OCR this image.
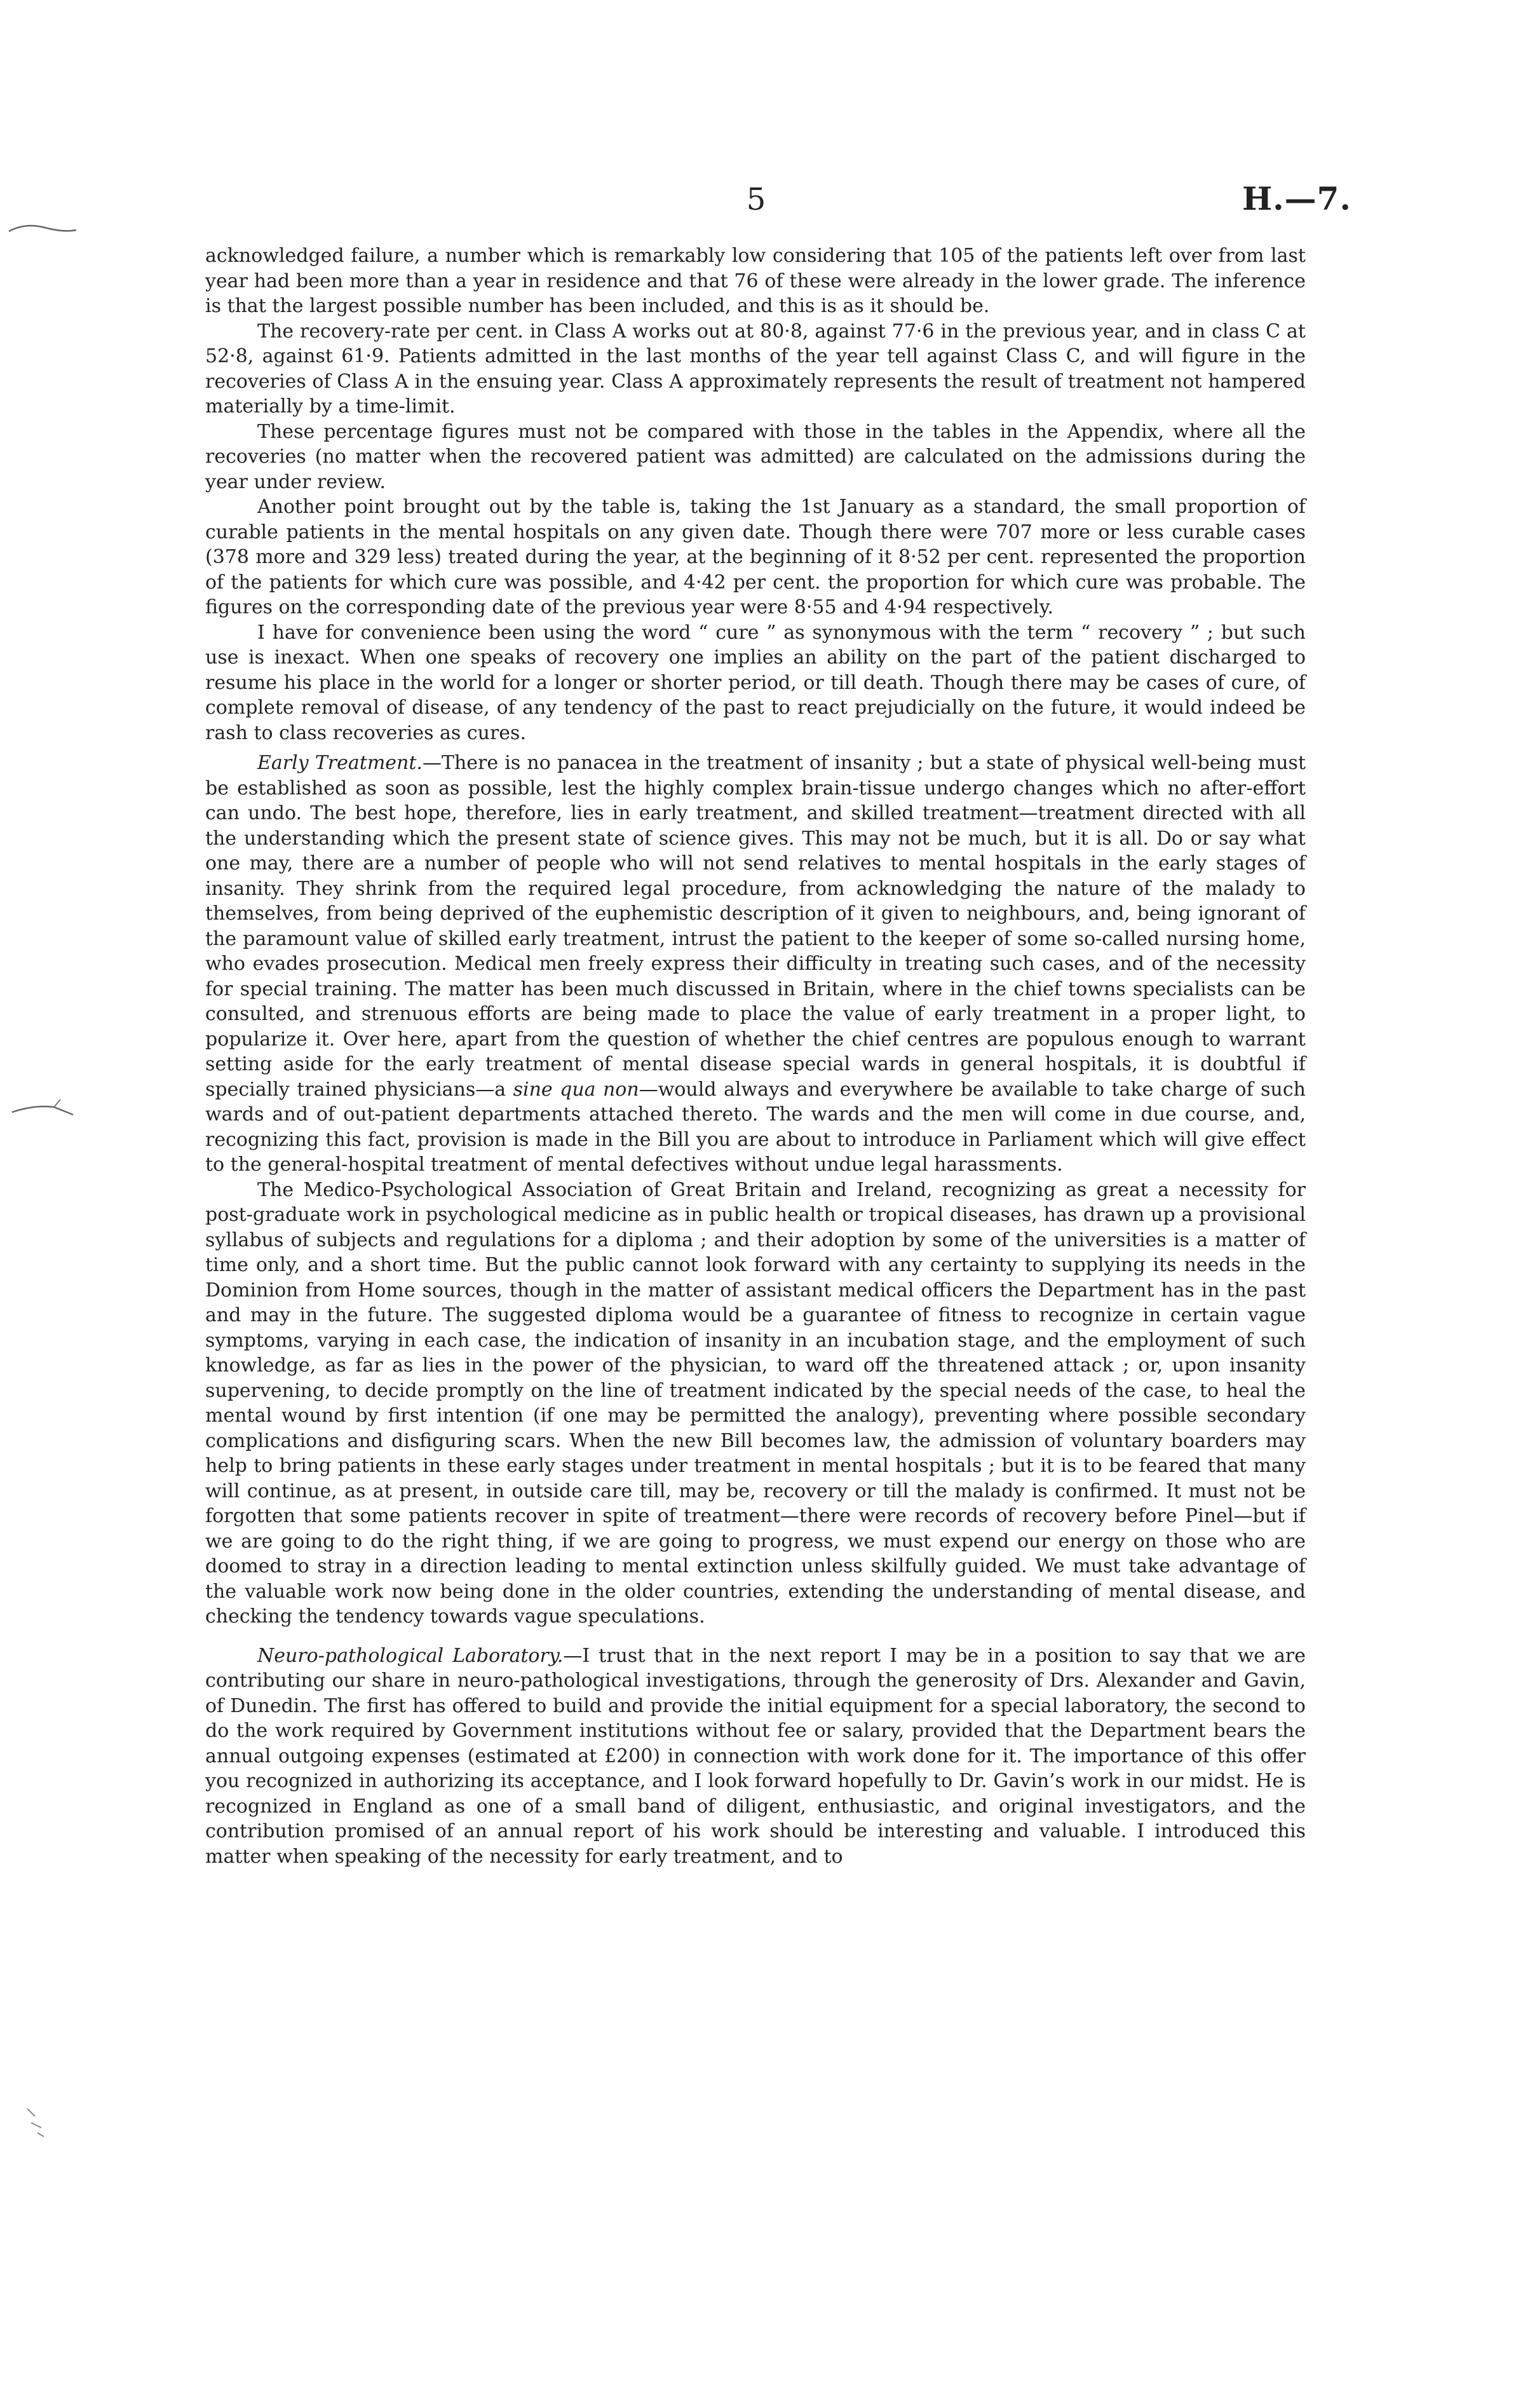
5	H.—7.

acknowledged failure, a number which is remarkably low considering that 105 of the patients left over from last year had been more than a year in residence and that 76 of these were already in the lower grade. The inference is that the largest possible number has been included, and this is as it should be.

The recovery-rate per cent. in Class A works out at 80·8, against 77·6 in the previous year, and in class C at 52·8, against 61·9. Patients admitted in the last months of the year tell against Class C, and will figure in the recoveries of Class A in the ensuing year. Class A approximately represents the result of treatment not hampered materially by a time-limit.

These percentage figures must not be compared with those in the tables in the Appendix, where all the recoveries (no matter when the recovered patient was admitted) are calculated on the admissions during the year under review.

Another point brought out by the table is, taking the 1st January as a standard, the small proportion of curable patients in the mental hospitals on any given date. Though there were 707 more or less curable cases (378 more and 329 less) treated during the year, at the beginning of it 8·52 per cent. represented the proportion of the patients for which cure was possible, and 4·42 per cent. the proportion for which cure was probable. The figures on the corresponding date of the previous year were 8·55 and 4·94 respectively.

I have for convenience been using the word “ cure ” as synonymous with the term “ recovery ” ; but such use is inexact. When one speaks of recovery one implies an ability on the part of the patient discharged to resume his place in the world for a longer or shorter period, or till death. Though there may be cases of cure, of complete removal of disease, of any tendency of the past to react prejudicially on the future, it would indeed be rash to class recoveries as cures.

Early Treatment.—There is no panacea in the treatment of insanity ; but a state of physical well-being must be established as soon as possible, lest the highly complex brain-tissue undergo changes which no after-effort can undo. The best hope, therefore, lies in early treatment, and skilled treatment—treatment directed with all the understanding which the present state of science gives. This may not be much, but it is all. Do or say what one may, there are a number of people who will not send relatives to mental hospitals in the early stages of insanity. They shrink from the required legal procedure, from acknowledging the nature of the malady to themselves, from being deprived of the euphemistic description of it given to neighbours, and, being ignorant of the paramount value of skilled early treatment, intrust the patient to the keeper of some so-called nursing home, who evades prosecution. Medical men freely express their difficulty in treating such cases, and of the necessity for special training. The matter has been much discussed in Britain, where in the chief towns specialists can be consulted, and strenuous efforts are being made to place the value of early treatment in a proper light, to popularize it. Over here, apart from the question of whether the chief centres are populous enough to warrant setting aside for the early treatment of mental disease special wards in general hospitals, it is doubtful if specially trained physicians—a sine qua non—would always and everywhere be available to take charge of such wards and of out-patient departments attached thereto. The wards and the men will come in due course, and, recognizing this fact, provision is made in the Bill you are about to introduce in Parliament which will give effect to the general-hospital treatment of mental defectives without undue legal harassments.

The Medico-Psychological Association of Great Britain and Ireland, recognizing as great a necessity for post-graduate work in psychological medicine as in public health or tropical diseases, has drawn up a provisional syllabus of subjects and regulations for a diploma ; and their adoption by some of the universities is a matter of time only, and a short time. But the public cannot look forward with any certainty to supplying its needs in the Dominion from Home sources, though in the matter of assistant medical officers the Department has in the past and may in the future. The suggested diploma would be a guarantee of fitness to recognize in certain vague symptoms, varying in each case, the indication of insanity in an incubation stage, and the employment of such knowledge, as far as lies in the power of the physician, to ward off the threatened attack ; or, upon insanity supervening, to decide promptly on the line of treatment indicated by the special needs of the case, to heal the mental wound by first intention (if one may be permitted the analogy), preventing where possible secondary complications and disfiguring scars. When the new Bill becomes law, the admission of voluntary boarders may help to bring patients in these early stages under treatment in mental hospitals ; but it is to be feared that many will continue, as at present, in outside care till, may be, recovery or till the malady is confirmed. It must not be forgotten that some patients recover in spite of treatment—there were records of recovery before Pinel—but if we are going to do the right thing, if we are going to progress, we must expend our energy on those who are doomed to stray in a direction leading to mental extinction unless skilfully guided. We must take advantage of the valuable work now being done in the older countries, extending the understanding of mental disease, and checking the tendency towards vague speculations.

Neuro-pathological Laboratory.—I trust that in the next report I may be in a position to say that we are contributing our share in neuro-pathological investigations, through the generosity of Drs. Alexander and Gavin, of Dunedin. The first has offered to build and provide the initial equipment for a special laboratory, the second to do the work required by Government institutions without fee or salary, provided that the Department bears the annual outgoing expenses (estimated at £200) in connection with work done for it. The importance of this offer you recognized in authorizing its acceptance, and I look forward hopefully to Dr. Gavin’s work in our midst. He is recognized in England as one of a small band of diligent, enthusiastic, and original investigators, and the contribution promised of an annual report of his work should be interesting and valuable. I introduced this matter when speaking of the necessity for early treatment, and to
